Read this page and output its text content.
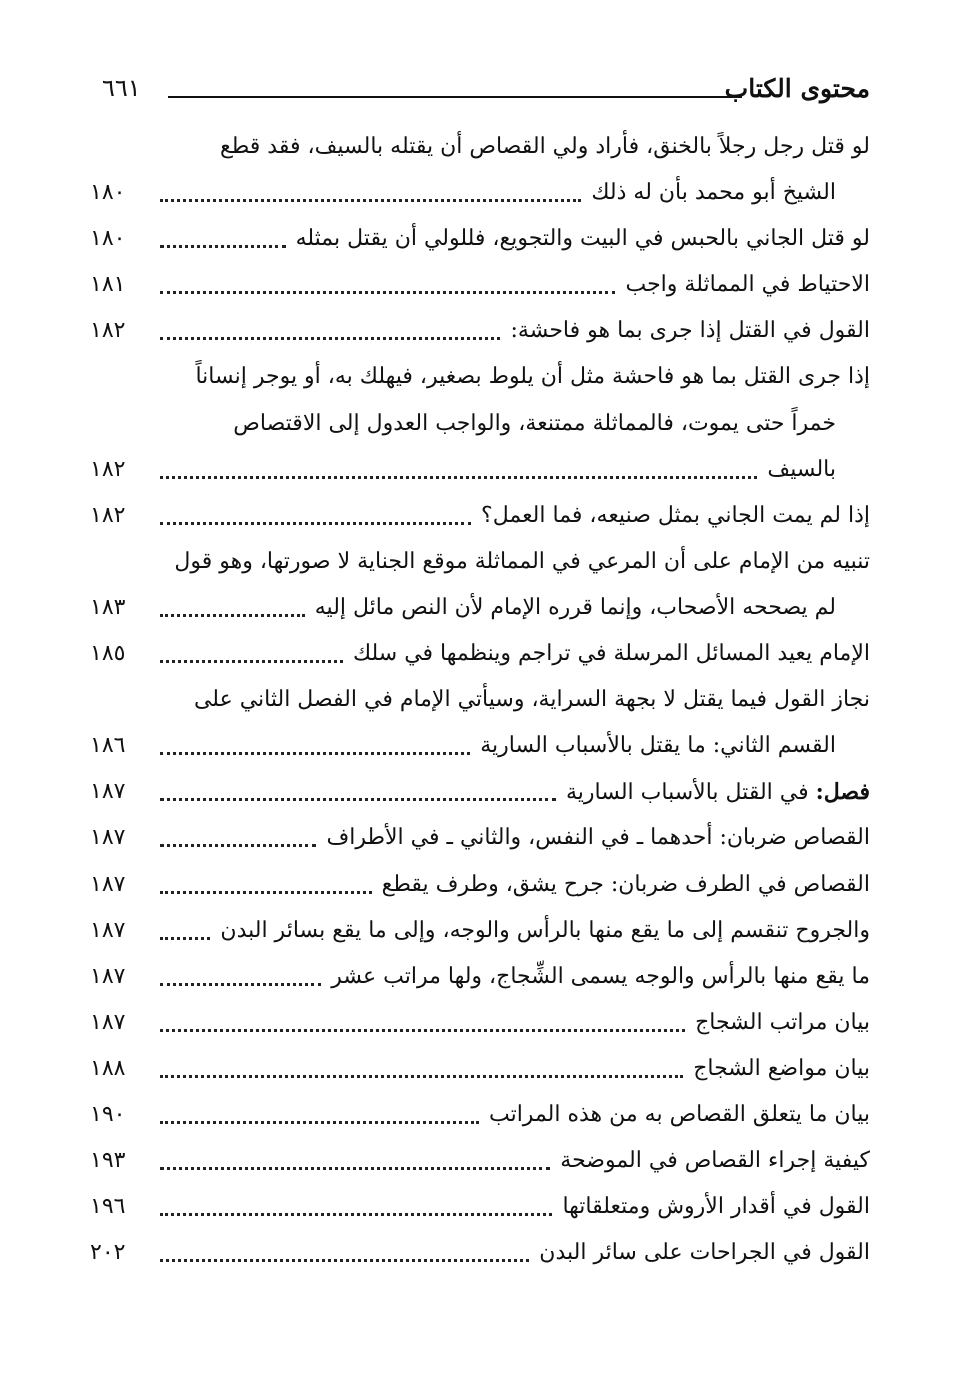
محتوى الكتاب
٦٦١
لو قتل رجل رجلاً بالخنق، فأراد ولي القصاص أن يقتله بالسيف، فقد قطع
الشيخ أبو محمد بأن له ذلك
١٨٠
لو قتل الجاني بالحبس في البيت والتجويع، فللولي أن يقتل بمثله
١٨٠
الاحتياط في المماثلة واجب
١٨١
القول في القتل إذا جرى بما هو فاحشة:
١٨٢
إذا جرى القتل بما هو فاحشة مثل أن يلوط بصغير، فيهلك به، أو يوجر إنساناً
خمراً حتى يموت، فالمماثلة ممتنعة، والواجب العدول إلى الاقتصاص
بالسيف
١٨٢
إذا لم يمت الجاني بمثل صنيعه، فما العمل؟
١٨٢
تنبيه من الإمام على أن المرعي في المماثلة موقع الجناية لا صورتها، وهو قول
لم يصححه الأصحاب، وإنما قرره الإمام لأن النص مائل إليه
١٨٣
الإمام يعيد المسائل المرسلة في تراجم وينظمها في سلك
١٨٥
نجاز القول فيما يقتل لا بجهة السراية، وسيأتي الإمام في الفصل الثاني على
القسم الثاني: ما يقتل بالأسباب السارية
١٨٦
فصل: في القتل بالأسباب السارية
١٨٧
القصاص ضربان: أحدهما ـ في النفس، والثاني ـ في الأطراف
١٨٧
القصاص في الطرف ضربان: جرح يشق، وطرف يقطع
١٨٧
والجروح تنقسم إلى ما يقع منها بالرأس والوجه، وإلى ما يقع بسائر البدن
١٨٧
ما يقع منها بالرأس والوجه يسمى الشِّجاج، ولها مراتب عشر
١٨٧
بيان مراتب الشجاج
١٨٧
بيان مواضع الشجاج
١٨٨
بيان ما يتعلق القصاص به من هذه المراتب
١٩٠
كيفية إجراء القصاص في الموضحة
١٩٣
القول في أقدار الأروش ومتعلقاتها
١٩٦
القول في الجراحات على سائر البدن
٢٠٢
